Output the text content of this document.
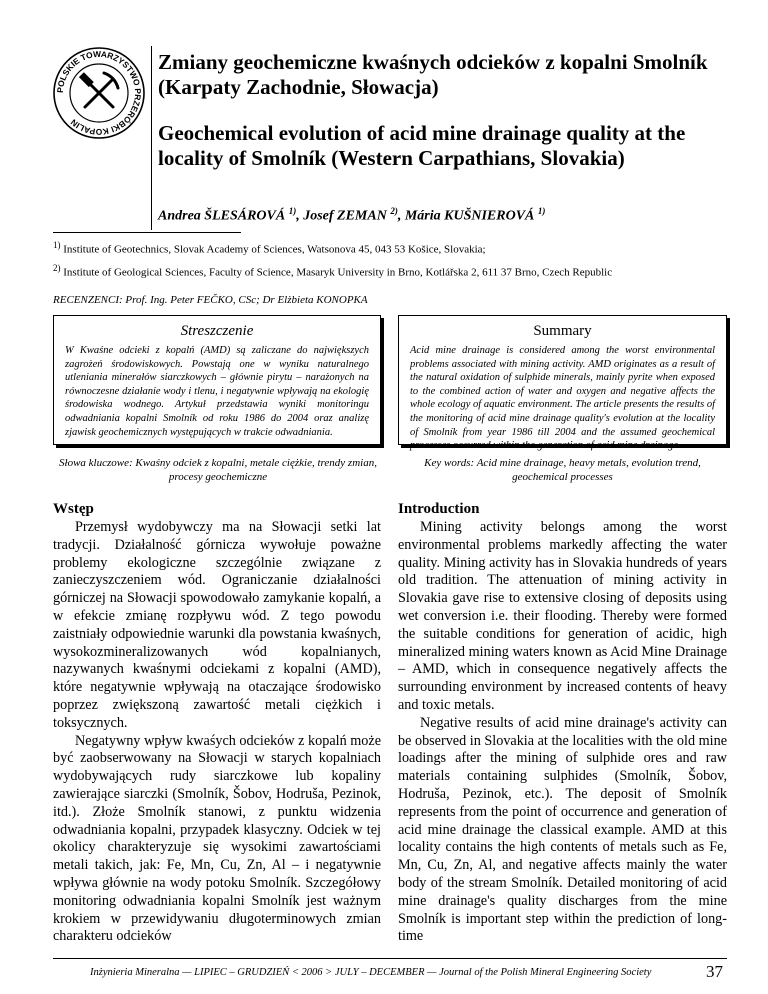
POLSKIE TOWARZYSTWO PRZERÓBKI KOPALIN
Zmiany geochemiczne kwaśnych odcieków z kopalni Smolník (Karpaty Zachodnie, Słowacja)
Geochemical evolution of acid mine drainage quality at the locality of Smolník (Western Carpathians, Slovakia)
Andrea ŠLESÁROVÁ $^{1)}$, Josef ZEMAN $^{2)}$, Mária KUŠNIEROVÁ $^{1)}$
$^{1)}$ Institute of Geotechnics, Slovak Academy of Sciences, Watsonova 45, 043 53 Košice, Slovakia;
$^{2)}$ Institute of Geological Sciences, Faculty of Science, Masaryk University in Brno, Kotlářska 2, 611 37 Brno, Czech Republic
RECENZENCI: Prof. Ing. Peter FEČKO, CSc; Dr Elżbieta KONOPKA
Streszczenie
W Kwaśne odcieki z kopalń (AMD) są zaliczane do największych zagrożeń środowiskowych. Powstają one w wyniku naturalnego utleniania minerałów siarczkowych – głównie pirytu – narażonych na równoczesne działanie wody i tlenu, i negatywnie wpływają na ekologię środowiska wodnego. Artykuł przedstawia wyniki monitoringu odwadniania kopalni Smolník od roku 1986 do 2004 oraz analizę zjawisk geochemicznych występujących w trakcie odwadniania.
Summary
Acid mine drainage is considered among the worst environmental problems associated with mining activity. AMD originates as a result of the natural oxidation of sulphide minerals, mainly pyrite when exposed to the combined action of water and oxygen and negative affects the whole ecology of aquatic environment. The article presents the results of the monitoring of acid mine drainage quality's evolution at the locality of Smolník from year 1986 till 2004 and the assumed geochemical processes occurred within the generation of acid mine drainage.
Słowa kluczowe: Kwaśny odciek z kopalni, metale ciężkie, trendy zmian, procesy geochemiczne
Key words: Acid mine drainage, heavy metals, evolution trend, geochemical processes
Wstęp

Przemysł wydobywczy ma na Słowacji setki lat tradycji. Działalność górnicza wywołuje poważne problemy ekologiczne szczególnie związane z zanieczyszczeniem wód. Ograniczanie działalności górniczej na Słowacji spowodowało zamykanie kopalń, a w efekcie zmianę rozpływu wód. Z tego powodu zaistniały odpowiednie warunki dla powstania kwaśnych, wysokozmineralizowanych wód kopalnianych, nazywanych kwaśnymi odciekami z kopalni (AMD), które negatywnie wpływają na otaczające środowisko poprzez zwiększoną zawartość metali ciężkich i toksycznych.

Negatywny wpływ kwaśych odcieków z kopalń może być zaobserwowany na Słowacji w starych kopalniach wydobywających rudy siarczkowe lub kopaliny zawierające siarczki (Smolník, Šobov, Hodruša, Pezinok, itd.). Złoże Smolník stanowi, z punktu widzenia odwadniania kopalni, przypadek klasyczny. Odciek w tej okolicy charakteryzuje się wysokimi zawartościami metali takich, jak: Fe, Mn, Cu, Zn, Al – i negatywnie wpływa głównie na wody potoku Smolník. Szczegółowy monitoring odwadniania kopalni Smolník jest ważnym krokiem w przewidywaniu długoterminowych zmian charakteru odcieków

Introduction

Mining activity belongs among the worst environmental problems markedly affecting the water quality. Mining activity has in Slovakia hundreds of years old tradition. The attenuation of mining activity in Slovakia gave rise to extensive closing of deposits using wet conversion i.e. their flooding. Thereby were formed the suitable conditions for generation of acidic, high mineralized mining waters known as Acid Mine Drainage – AMD, which in consequence negatively affects the surrounding environment by increased contents of heavy and toxic metals.

Negative results of acid mine drainage's activity can be observed in Slovakia at the localities with the old mine loadings after the mining of sulphide ores and raw materials containing sulphides (Smolník, Šobov, Hodruša, Pezinok, etc.). The deposit of Smolník represents from the point of occurrence and generation of acid mine drainage the classical example. AMD at this locality contains the high contents of metals such as Fe, Mn, Cu, Zn, Al, and negative affects mainly the water body of the stream Smolník. Detailed monitoring of acid mine drainage's quality discharges from the mine Smolník is important step within the prediction of long-time

Inżynieria Mineralna — LIPIEC – GRUDZIEŃ < 2006 > JULY – DECEMBER — Journal of the Polish Mineral Engineering Society	37
